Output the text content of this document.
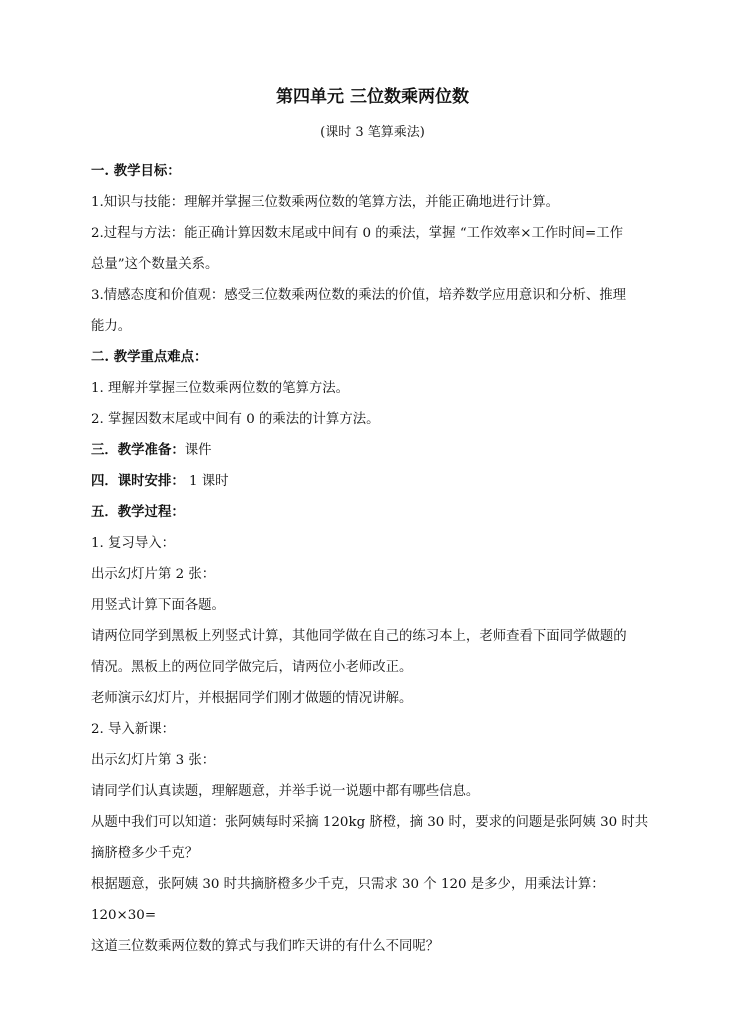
第四单元 三位数乘两位数
(课时 3 笔算乘法)

一. 教学目标：

1.知识与技能：理解并掌握三位数乘两位数的笔算方法，并能正确地进行计算。

2.过程与方法：能正确计算因数末尾或中间有 0 的乘法，掌握 “工作效率×工作时间=工作

总量”这个数量关系。

3.情感态度和价值观：感受三位数乘两位数的乘法的价值，培养数学应用意识和分析、推理

能力。

二. 教学重点难点：

1. 理解并掌握三位数乘两位数的笔算方法。

2. 掌握因数末尾或中间有 0 的乘法的计算方法。

三．教学准备：课件

四．课时安排： 1 课时

五．教学过程：

1. 复习导入：

出示幻灯片第 2 张：

用竖式计算下面各题。

请两位同学到黑板上列竖式计算，其他同学做在自己的练习本上，老师查看下面同学做题的

情况。黑板上的两位同学做完后，请两位小老师改正。

老师演示幻灯片，并根据同学们刚才做题的情况讲解。

2. 导入新课：

出示幻灯片第 3 张：

请同学们认真读题，理解题意，并举手说一说题中都有哪些信息。

从题中我们可以知道：张阿姨每时采摘 120kg 脐橙，摘 30 时，要求的问题是张阿姨 30 时共

摘脐橙多少千克？

根据题意，张阿姨 30 时共摘脐橙多少千克，只需求 30 个 120 是多少，用乘法计算：

120×30=

这道三位数乘两位数的算式与我们昨天讲的有什么不同呢？
